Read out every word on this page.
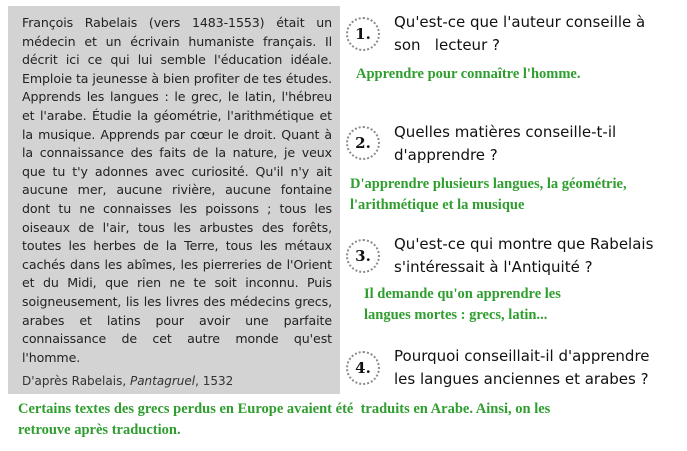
François Rabelais (vers 1483-1553) était un médecin et un écrivain humaniste français. Il décrit ici ce qui lui semble l'éducation idéale. Emploie ta jeunesse à bien profiter de tes études. Apprends les langues : le grec, le latin, l'hébreu et l'arabe. Étudie la géométrie, l'arithmétique et la musique. Apprends par cœur le droit. Quant à la connaissance des faits de la nature, je veux que tu t'y adonnes avec curiosité. Qu'il n'y ait aucune mer, aucune rivière, aucune fontaine dont tu ne connaisses les poissons ; tous les oiseaux de l'air, tous les arbustes des forêts, toutes les herbes de la Terre, tous les métaux cachés dans les abîmes, les pierreries de l'Orient et du Midi, que rien ne te soit inconnu. Puis soigneusement, lis les livres des médecins grecs, arabes et latins pour avoir une parfaite connaissance de cet autre monde qu'est l'homme.

D'après Rabelais, Pantagruel, 1532
1.
Qu'est-ce que l'auteur conseille à
son   lecteur ?
Apprendre pour connaître l'homme.
2.
Quelles matières conseille-t-il
d'apprendre ?
D'apprendre plusieurs langues, la géométrie,
l'arithmétique et la musique
3.
Qu'est-ce qui montre que Rabelais
s'intéressait à l'Antiquité ?
Il demande qu'on apprendre les
langues mortes : grecs, latin...
4.
Pourquoi conseillait-il d'apprendre
les langues anciennes et arabes ?
Certains textes des grecs perdus en Europe avaient été  traduits en Arabe. Ainsi, on les
retrouve après traduction.
